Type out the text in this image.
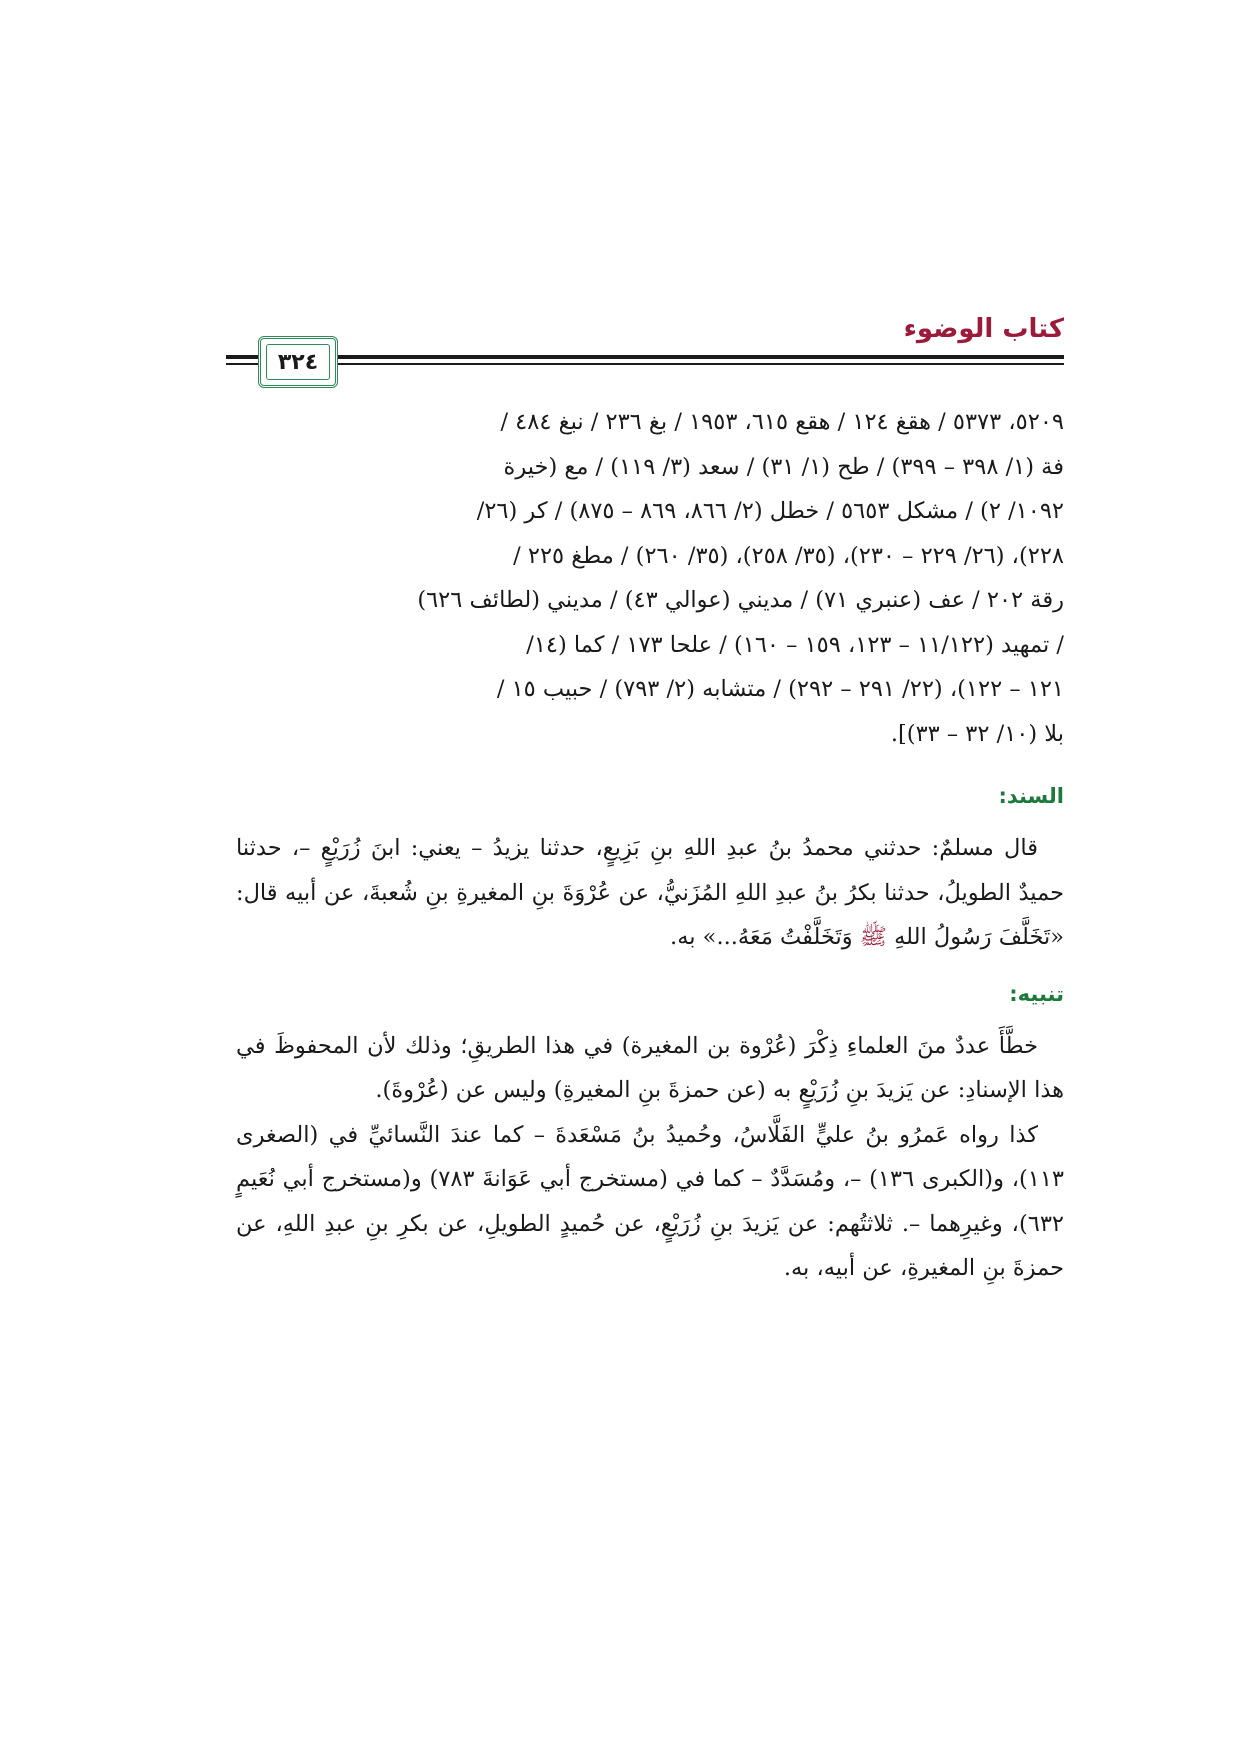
كتاب الوضوء
٣٢٤

٥٢٠٩، ٥٣٧٣ / هقغ ١٢٤ / هقع ٦١٥، ١٩٥٣ / بغ ٢٣٦ / نبغ ٤٨٤ /

فة (١/ ٣٩٨ – ٣٩٩) / طح (١/ ٣١) / سعد (٣/ ١١٩) / مع (خيرة

١٠٩٢/ ٢) / مشكل ٥٦٥٣ / خطل (٢/ ٨٦٦، ٨٦٩ – ٨٧٥) / كر (٢٦/

٢٢٨)، (٢٦/ ٢٢٩ – ٢٣٠)، (٣٥/ ٢٥٨)، (٣٥/ ٢٦٠) / مطغ ٢٢٥ /

رقة ٢٠٢ / عف (عنبري ٧١) / مديني (عوالي ٤٣) / مديني (لطائف ٦٢٦)

/ تمهيد (١١/١٢٢ – ١٢٣، ١٥٩ – ١٦٠) / علحا ١٧٣ / كما (١٤/

١٢١ – ١٢٢)، (٢٢/ ٢٩١ – ٢٩٢) / متشابه (٢/ ٧٩٣) / حبيب ١٥ /

بلا (١٠/ ٣٢ – ٣٣)].

السند:

قال مسلمٌ: حدثني محمدُ بنُ عبدِ اللهِ بنِ بَزِيعٍ، حدثنا يزيدُ – يعني: ابنَ زُرَيْعٍ –، حدثنا حميدٌ الطويلُ، حدثنا بكرُ بنُ عبدِ اللهِ المُزَنيُّ، عن عُرْوَةَ بنِ المغيرةِ بنِ شُعبةَ، عن أبيه قال: «تَخَلَّفَ رَسُولُ اللهِ ﷺ وَتَخَلَّفْتُ مَعَهُ...» به.

تنبيه:

خطَّأَ عددٌ منَ العلماءِ ذِكْرَ (عُرْوة بن المغيرة) في هذا الطريقِ؛ وذلك لأن المحفوظَ في هذا الإسنادِ: عن يَزيدَ بنِ زُرَيْعٍ به (عن حمزةَ بنِ المغيرةِ) وليس عن (عُرْوةَ).

كذا رواه عَمرُو بنُ عليٍّ الفَلَّاسُ، وحُميدُ بنُ مَسْعَدةَ – كما عندَ النَّسائيِّ في (الصغرى ١١٣)، و(الكبرى ١٣٦) –، ومُسَدَّدٌ – كما في (مستخرج أبي عَوَانةَ ٧٨٣) و(مستخرج أبي نُعَيمٍ ٦٣٢)، وغيرِهما –. ثلاثتُهم: عن يَزيدَ بنِ زُرَيْعٍ، عن حُميدٍ الطويلِ، عن بكرِ بنِ عبدِ اللهِ، عن حمزةَ بنِ المغيرةِ، عن أبيه، به.
